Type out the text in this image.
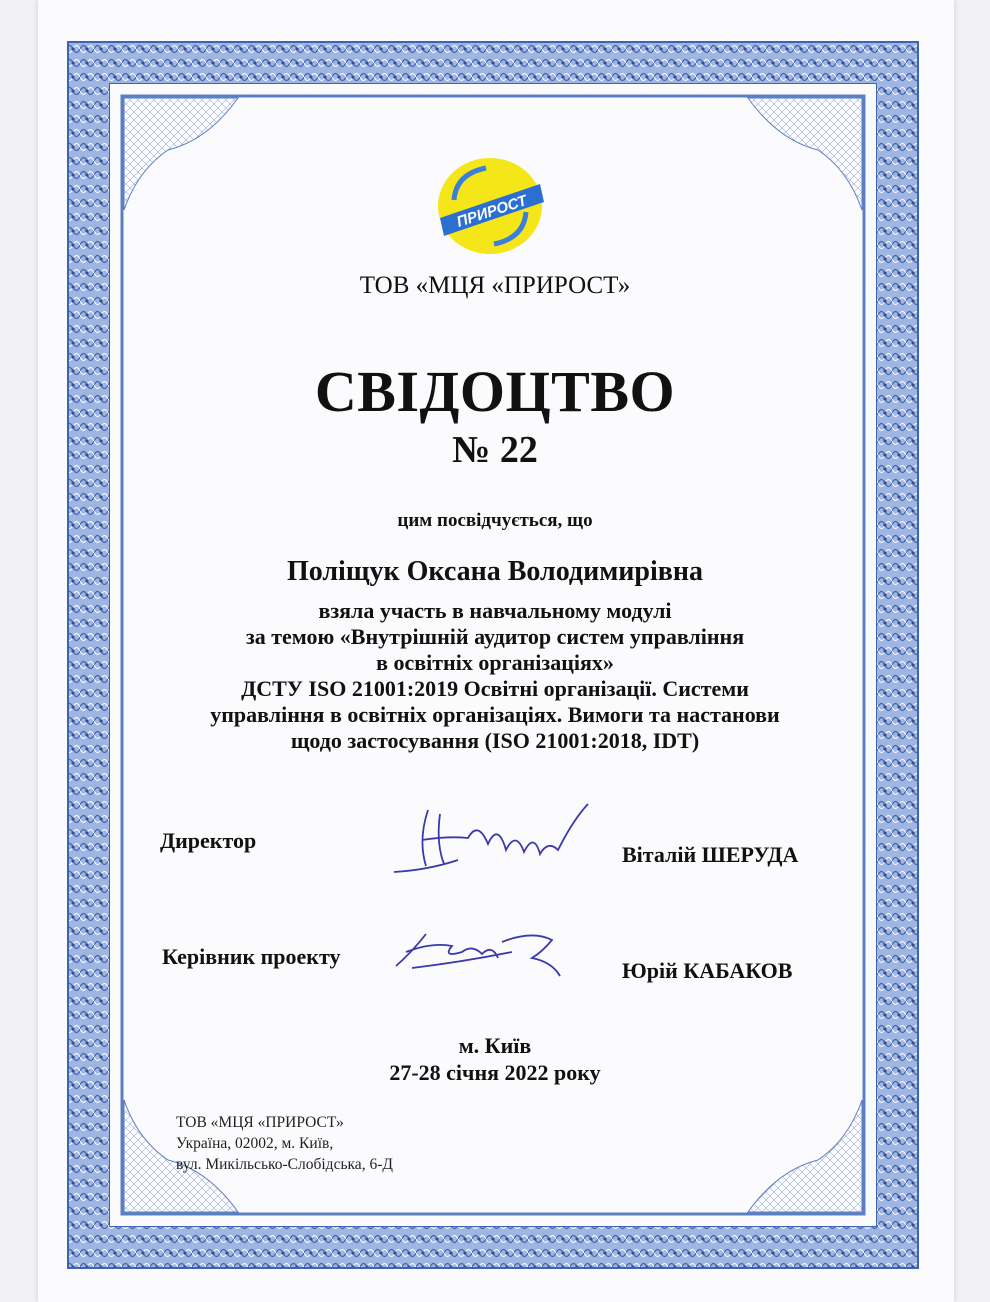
ПРИРОСТ
ТОВ «МЦЯ «ПРИРОСТ»
СВІДОЦТВО
№ 22
цим посвідчується, що
Поліщук Оксана Володимирівна
взяла участь в навчальному модулі
за темою «Внутрішній аудитор систем управління
в освітніх організаціях»
ДСТУ ISO 21001:2019 Освітні організації. Системи
управління в освітніх організаціях. Вимоги та настанови
щодо застосування (ISO 21001:2018, IDT)
Директор
Віталій ШЕРУДА
Керівник проекту
Юрій КАБАКОВ
м. Київ
27-28 січня 2022 року
ТОВ «МЦЯ «ПРИРОСТ»
Україна, 02002, м. Київ,
вул. Микільсько-Слобідська, 6-Д
